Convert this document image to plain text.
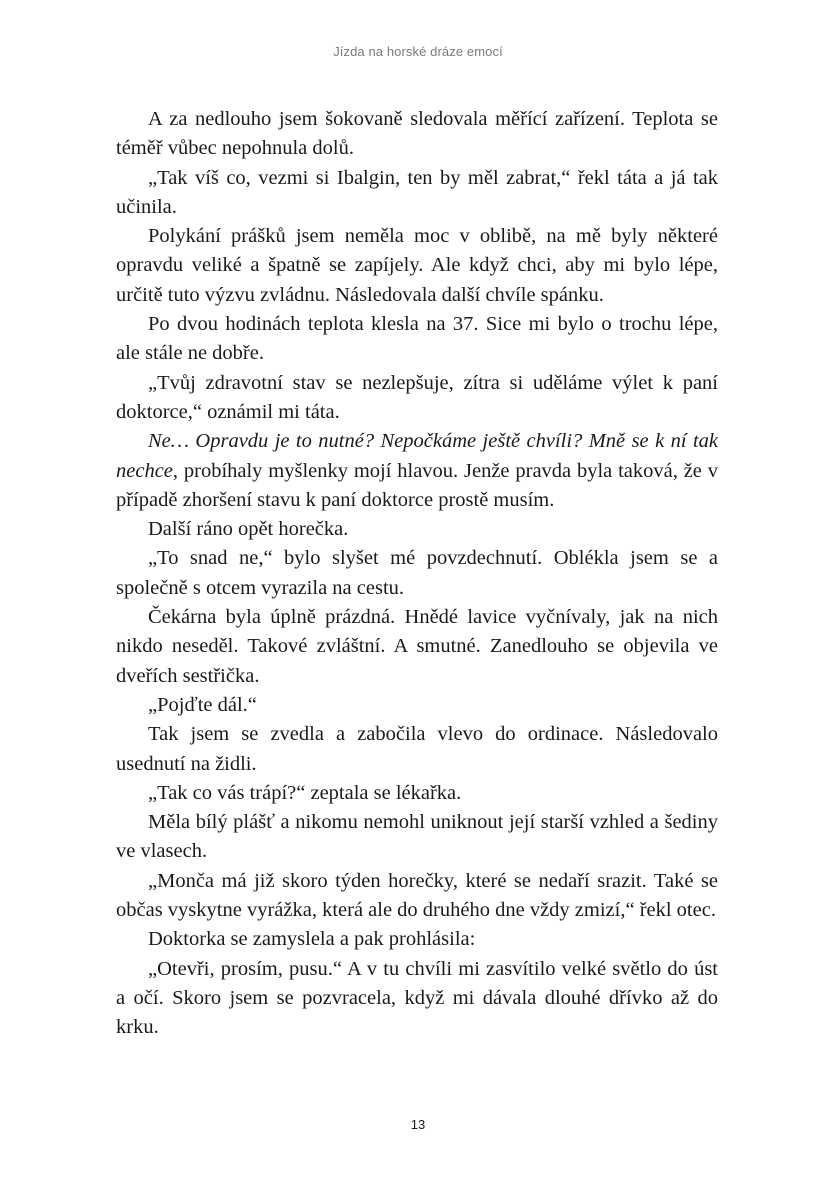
Jízda na horské dráze emocí

A za nedlouho jsem šokovaně sledovala měřící zařízení. Teplota se téměř vůbec nepohnula dolů.

„Tak víš co, vezmi si Ibalgin, ten by měl zabrat,“ řekl táta a já tak učinila.

Polykání prášků jsem neměla moc v oblibě, na mě byly některé opravdu veliké a špatně se zapíjely. Ale když chci, aby mi bylo lépe, určitě tuto výzvu zvládnu. Následovala další chvíle spánku.

Po dvou hodinách teplota klesla na 37. Sice mi bylo o trochu lépe, ale stále ne dobře.

„Tvůj zdravotní stav se nezlepšuje, zítra si uděláme výlet k paní doktorce,“ oznámil mi táta.

Ne… Opravdu je to nutné? Nepočkáme ještě chvíli? Mně se k ní tak nechce, probíhaly myšlenky mojí hlavou. Jenže pravda byla taková, že v případě zhoršení stavu k paní doktorce prostě musím.

Další ráno opět horečka.

„To snad ne,“ bylo slyšet mé povzdechnutí. Oblékla jsem se a společně s otcem vyrazila na cestu.

Čekárna byla úplně prázdná. Hnědé lavice vyčnívaly, jak na nich nikdo neseděl. Takové zvláštní. A smutné. Zanedlouho se objevila ve dveřích sestřička.

„Pojďte dál.“

Tak jsem se zvedla a zabočila vlevo do ordinace. Následovalo usednutí na židli.

„Tak co vás trápí?“ zeptala se lékařka.

Měla bílý plášť a nikomu nemohl uniknout její starší vzhled a šediny ve vlasech.

„Monča má již skoro týden horečky, které se nedaří srazit. Také se občas vyskytne vyrážka, která ale do druhého dne vždy zmizí,“ řekl otec.

Doktorka se zamyslela a pak prohlásila:

„Otevři, prosím, pusu.“ A v tu chvíli mi zasvítilo velké světlo do úst a očí. Skoro jsem se pozvracela, když mi dávala dlouhé dřívko až do krku.

13
